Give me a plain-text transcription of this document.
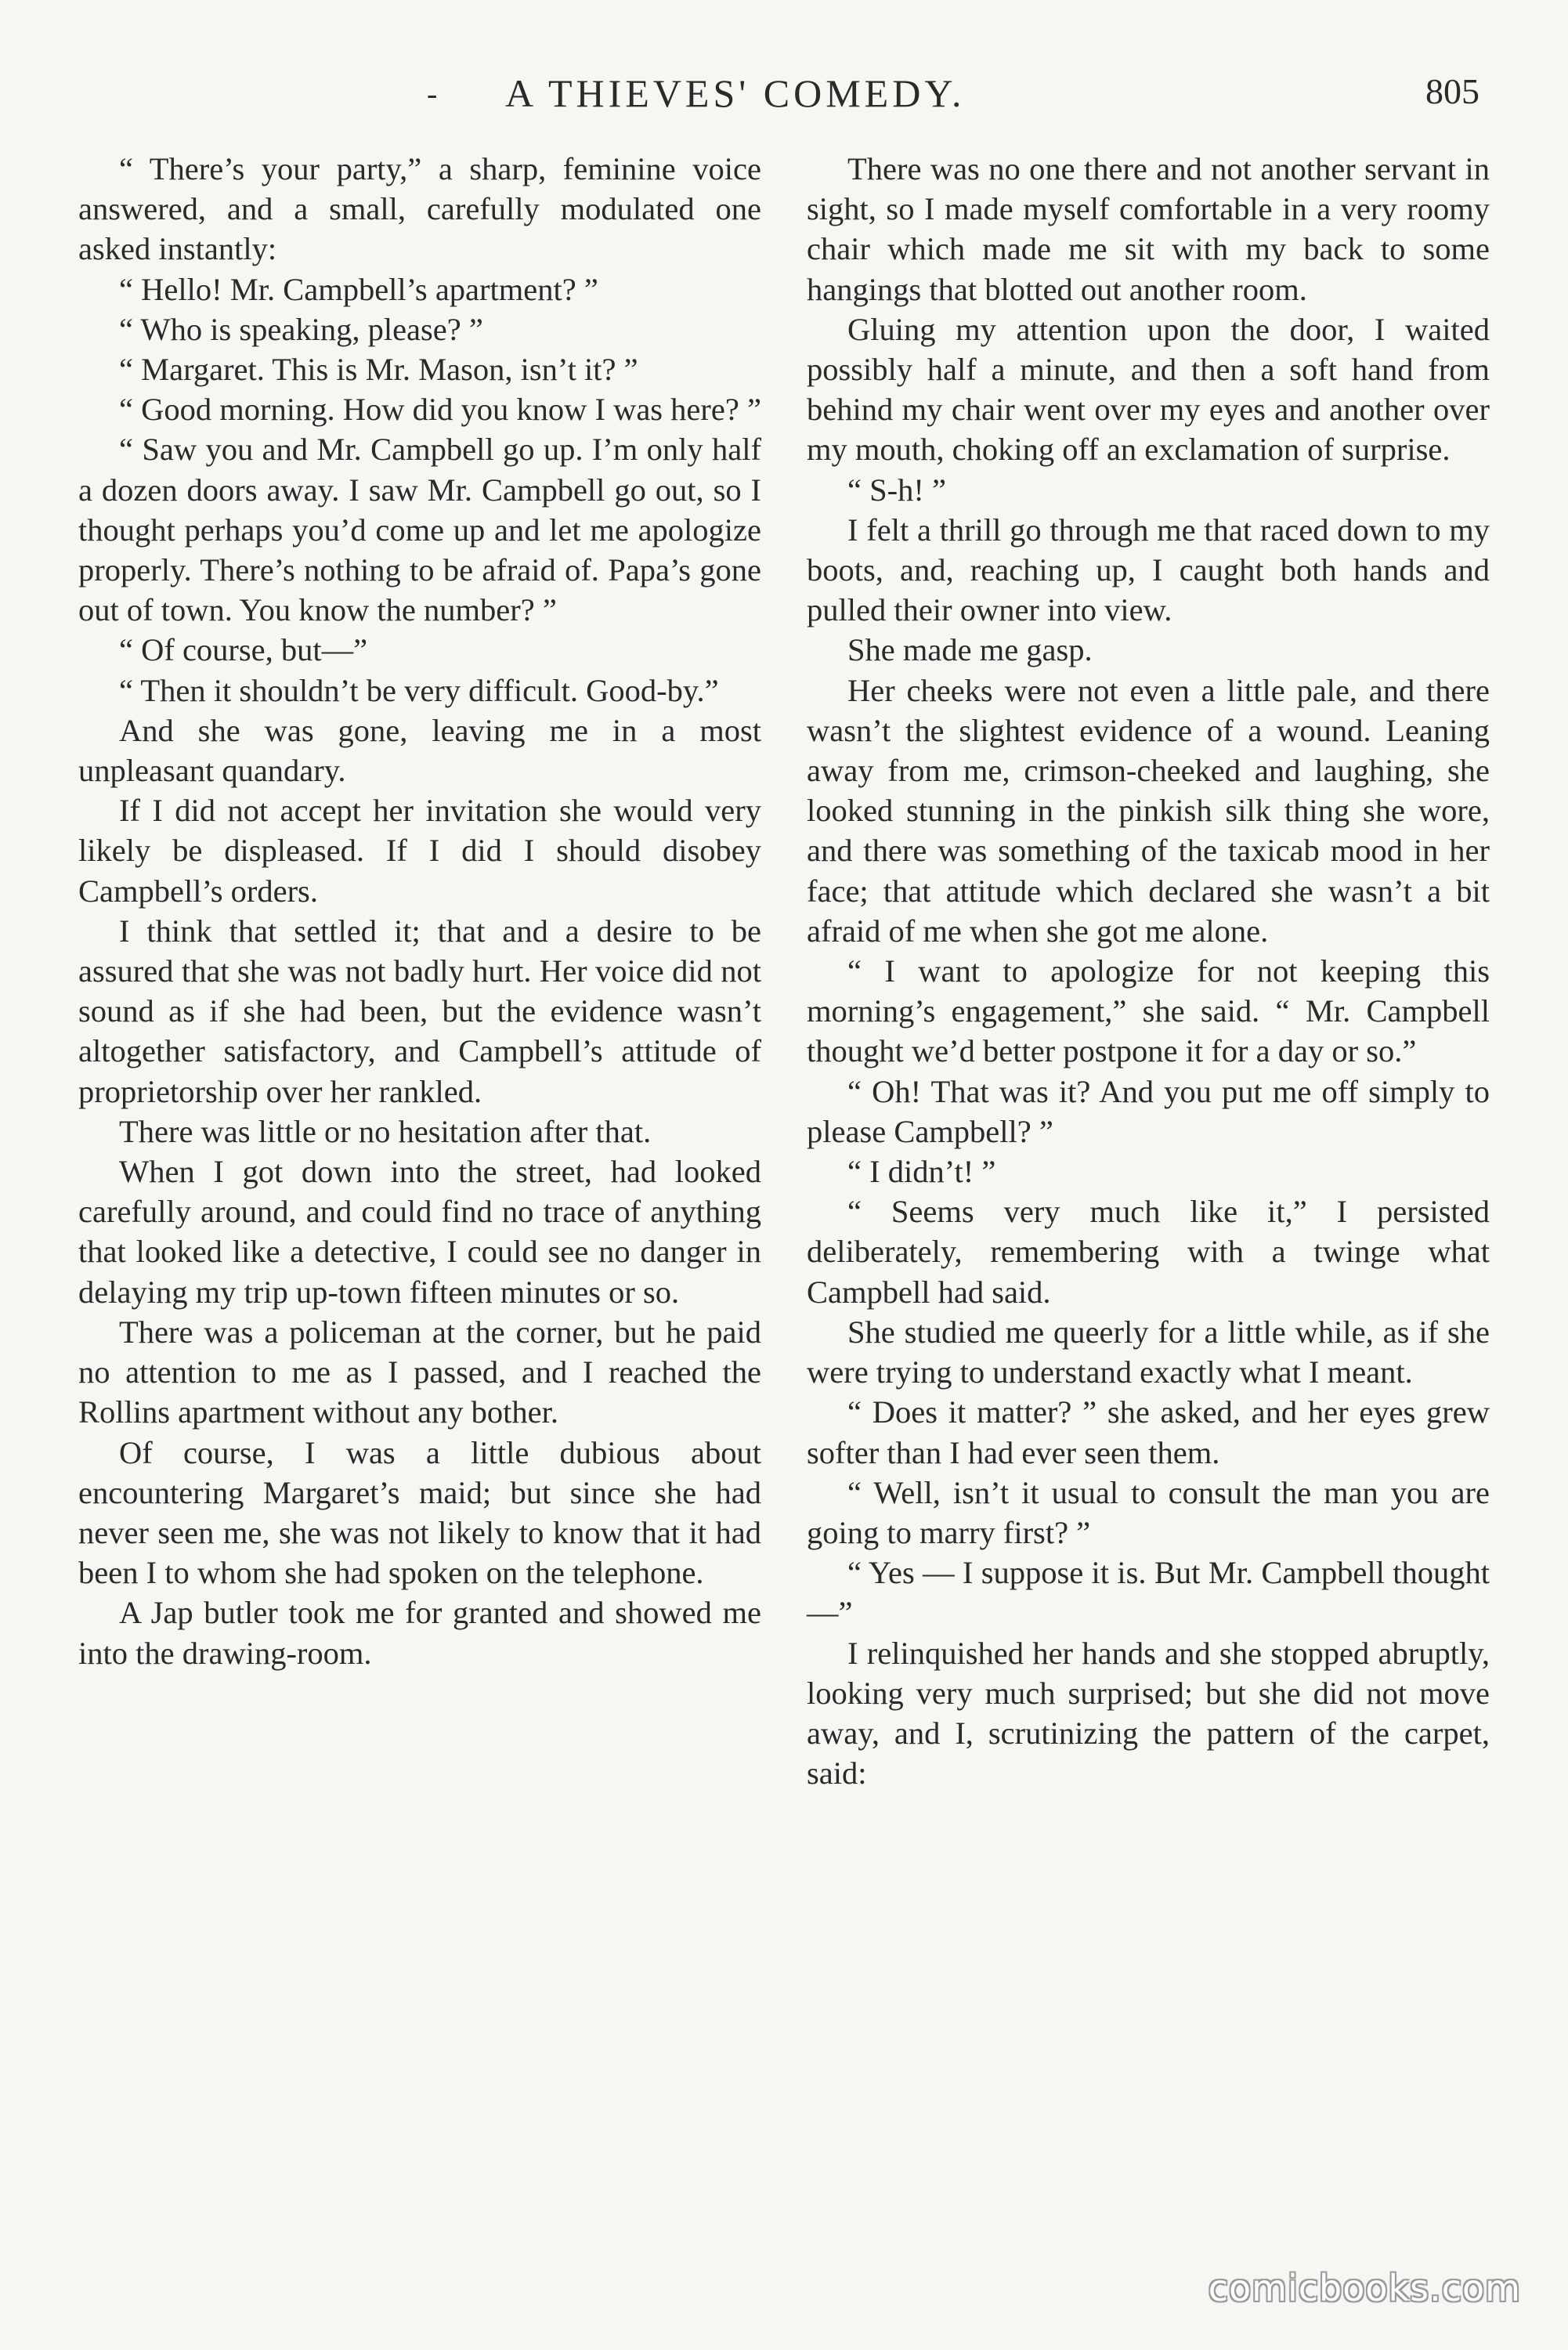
- A THIEVES' COMEDY.	805

“ There’s your party,” a sharp, feminine voice answered, and a small, carefully modulated one asked instantly:

“ Hello! Mr. Campbell’s apartment? ”

“ Who is speaking, please? ”

“ Margaret. This is Mr. Mason, isn’t it? ”

“ Good morning. How did you know I was here? ”

“ Saw you and Mr. Campbell go up. I’m only half a dozen doors away. I saw Mr. Campbell go out, so I thought perhaps you’d come up and let me apologize properly. There’s nothing to be afraid of. Papa’s gone out of town. You know the number? ”

“ Of course, but—”

“ Then it shouldn’t be very difficult. Good-by.”

And she was gone, leaving me in a most unpleasant quandary.

If I did not accept her invitation she would very likely be displeased. If I did I should disobey Campbell’s orders.

I think that settled it; that and a desire to be assured that she was not badly hurt. Her voice did not sound as if she had been, but the evidence wasn’t altogether satisfactory, and Campbell’s attitude of proprietorship over her rankled.

There was little or no hesitation after that.

When I got down into the street, had looked carefully around, and could find no trace of anything that looked like a detective, I could see no danger in delaying my trip up-town fifteen minutes or so.

There was a policeman at the corner, but he paid no attention to me as I passed, and I reached the Rollins apartment without any bother.

Of course, I was a little dubious about encountering Margaret’s maid; but since she had never seen me, she was not likely to know that it had been I to whom she had spoken on the telephone.

A Jap butler took me for granted and showed me into the drawing-room.

There was no one there and not another servant in sight, so I made myself comfortable in a very roomy chair which made me sit with my back to some hangings that blotted out another room.

Gluing my attention upon the door, I waited possibly half a minute, and then a soft hand from behind my chair went over my eyes and another over my mouth, choking off an exclamation of surprise.

“ S-h! ”

I felt a thrill go through me that raced down to my boots, and, reaching up, I caught both hands and pulled their owner into view.

She made me gasp.

Her cheeks were not even a little pale, and there wasn’t the slightest evidence of a wound. Leaning away from me, crimson-cheeked and laughing, she looked stunning in the pinkish silk thing she wore, and there was something of the taxicab mood in her face; that attitude which declared she wasn’t a bit afraid of me when she got me alone.

“ I want to apologize for not keeping this morning’s engagement,” she said. “ Mr. Campbell thought we’d better postpone it for a day or so.”

“ Oh! That was it? And you put me off simply to please Campbell? ”

“ I didn’t! ”

“ Seems very much like it,” I persisted deliberately, remembering with a twinge what Campbell had said.

She studied me queerly for a little while, as if she were trying to understand exactly what I meant.

“ Does it matter? ” she asked, and her eyes grew softer than I had ever seen them.

“ Well, isn’t it usual to consult the man you are going to marry first? ”

“ Yes — I suppose it is. But Mr. Campbell thought—”

I relinquished her hands and she stopped abruptly, looking very much surprised; but she did not move away, and I, scrutinizing the pattern of the carpet, said:

comicbooks.com
